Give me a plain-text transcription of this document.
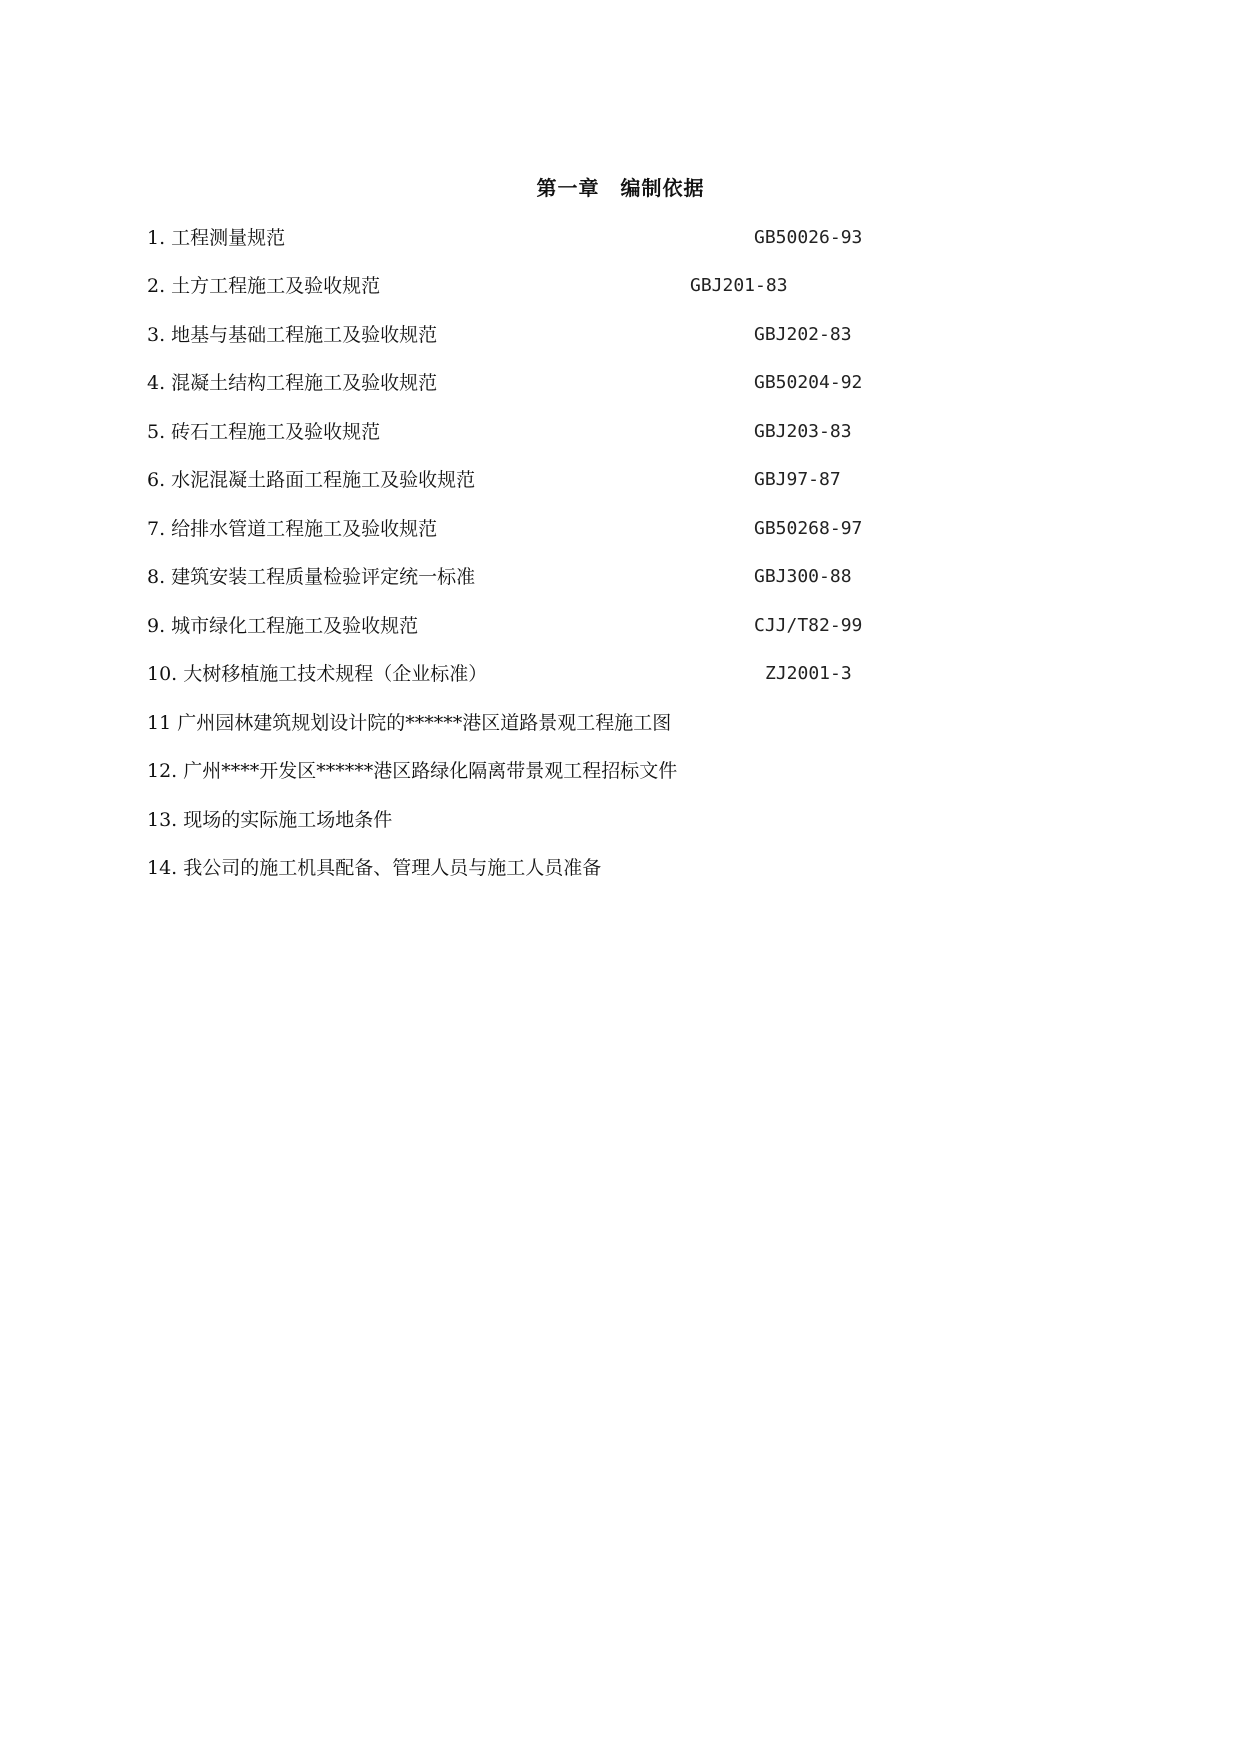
第一章　编制依据
1. 工程测量规范	GB50026-93
2. 土方工程施工及验收规范	GBJ201-83
3. 地基与基础工程施工及验收规范	GBJ202-83
4. 混凝土结构工程施工及验收规范	GB50204-92
5. 砖石工程施工及验收规范	GBJ203-83
6. 水泥混凝土路面工程施工及验收规范	GBJ97-87
7. 给排水管道工程施工及验收规范	GB50268-97
8. 建筑安装工程质量检验评定统一标准	GBJ300-88
9. 城市绿化工程施工及验收规范	CJJ/T82-99
10. 大树移植施工技术规程（企业标准）	ZJ2001-3
11 广州园林建筑规划设计院的******港区道路景观工程施工图
12. 广州****开发区******港区路绿化隔离带景观工程招标文件
13. 现场的实际施工场地条件
14. 我公司的施工机具配备、管理人员与施工人员准备
